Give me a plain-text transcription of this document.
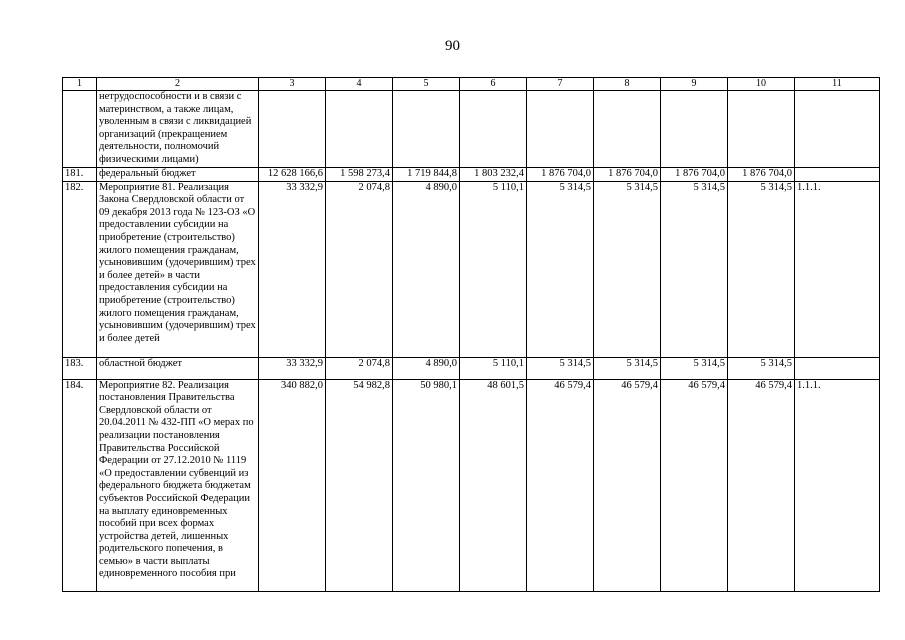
90
1	2	3	4	5	6	7	8	9	10	11
	нетрудоспособности и в связи с материнством, а также лицам, уволенным в связи с ликвидацией организаций (прекращением деятельности, полномочий физическими лицами)									
181.	федеральный бюджет	12 628 166,6	1 598 273,4	1 719 844,8	1 803 232,4	1 876 704,0	1 876 704,0	1 876 704,0	1 876 704,0	
182.	Мероприятие 81. Реализация Закона Свердловской области от 09 декабря 2013 года № 123-ОЗ «О предоставлении субсидии на приобретение (строительство) жилого помещения гражданам, усыновившим (удочерившим) трех и более детей» в части предоставления субсидии на приобретение (строительство) жилого помещения гражданам, усыновившим (удочерившим) трех и более детей	33 332,9	2 074,8	4 890,0	5 110,1	5 314,5	5 314,5	5 314,5	5 314,5	1.1.1.
183.	областной бюджет	33 332,9	2 074,8	4 890,0	5 110,1	5 314,5	5 314,5	5 314,5	5 314,5	
184.	Мероприятие 82. Реализация постановления Правительства Свердловской области от 20.04.2011 № 432-ПП «О мерах по реализации постановления Правительства Российской Федерации от 27.12.2010 № 1119 «О предоставлении субвенций из федерального бюджета бюджетам субъектов Российской Федерации на выплату единовременных пособий при всех формах устройства детей, лишенных родительского попечения, в семью» в части выплаты единовременного пособия при	340 882,0	54 982,8	50 980,1	48 601,5	46 579,4	46 579,4	46 579,4	46 579,4	1.1.1.
